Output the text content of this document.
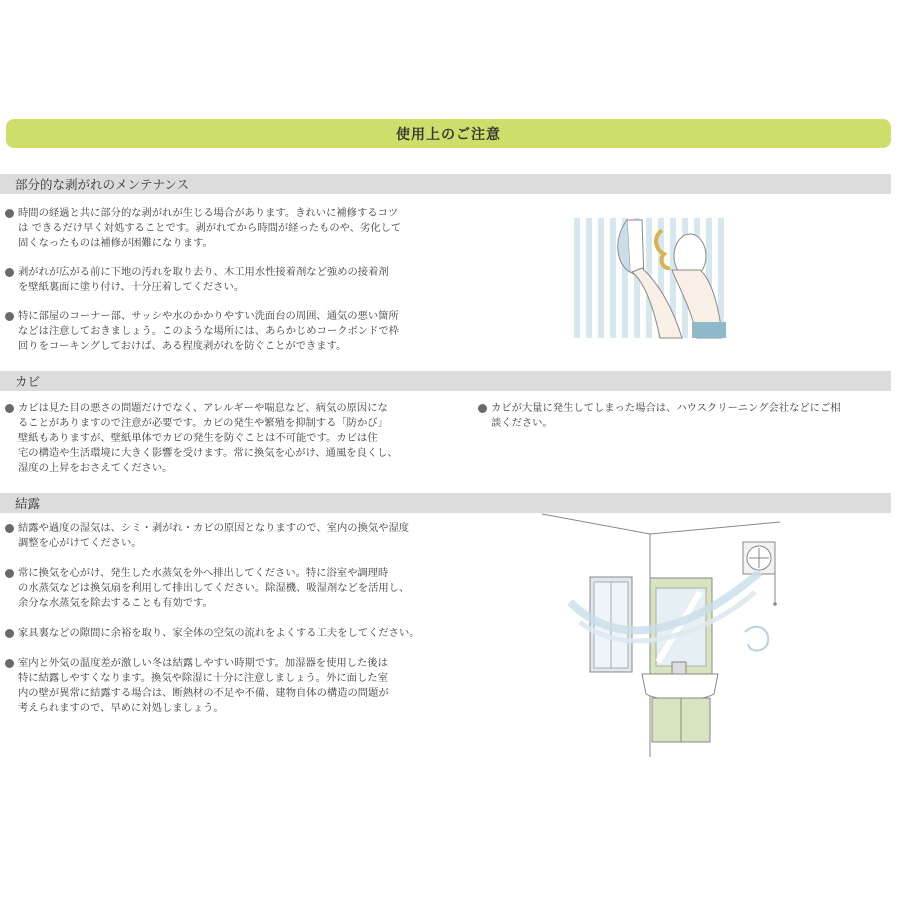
使用上のご注意
部分的な剥がれのメンテナンス
時間の経過と共に部分的な剥がれが生じる場合があります。きれいに補修するコツ
は できるだけ早く対処することです。剥がれてから時間が経ったものや、劣化して
固くなったものは補修が困難になります。
剥がれが広がる前に下地の汚れを取り去り、木工用水性接着剤など強めの接着剤
を壁紙裏面に塗り付け、十分圧着してください。
特に部屋のコーナー部、サッシや水のかかりやすい洗面台の周囲、通気の悪い箇所
などは注意しておきましょう。このような場所には、あらかじめコークボンドで枠
回りをコーキングしておけば、ある程度剥がれを防ぐことができます。
カビ
カビは見た目の悪さの問題だけでなく、アレルギーや喘息など、病気の原因にな
ることがありますので注意が必要です。カビの発生や繁殖を抑制する「防かび」
壁紙もありますが、壁紙単体でカビの発生を防ぐことは不可能です。カビは住
宅の構造や生活環境に大きく影響を受けます。常に換気を心がけ、通風を良くし、
湿度の上昇をおさえてください。
カビが大量に発生してしまった場合は、ハウスクリーニング会社などにご相
談ください。
結露
結露や過度の湿気は、シミ・剥がれ・カビの原因となりますので、室内の換気や湿度
調整を心がけてください。
常に換気を心がけ、発生した水蒸気を外へ排出してください。特に浴室や調理時
の水蒸気などは換気扇を利用して排出してください。除湿機、吸湿剤などを活用し、
余分な水蒸気を除去することも有効です。
家具裏などの隙間に余裕を取り、家全体の空気の流れをよくする工夫をしてください。
室内と外気の温度差が激しい冬は結露しやすい時期です。加湿器を使用した後は
特に結露しやすくなります。換気や除湿に十分に注意しましょう。外に面した室
内の壁が異常に結露する場合は、断熱材の不足や不備、建物自体の構造の問題が
考えられますので、早めに対処しましょう。
